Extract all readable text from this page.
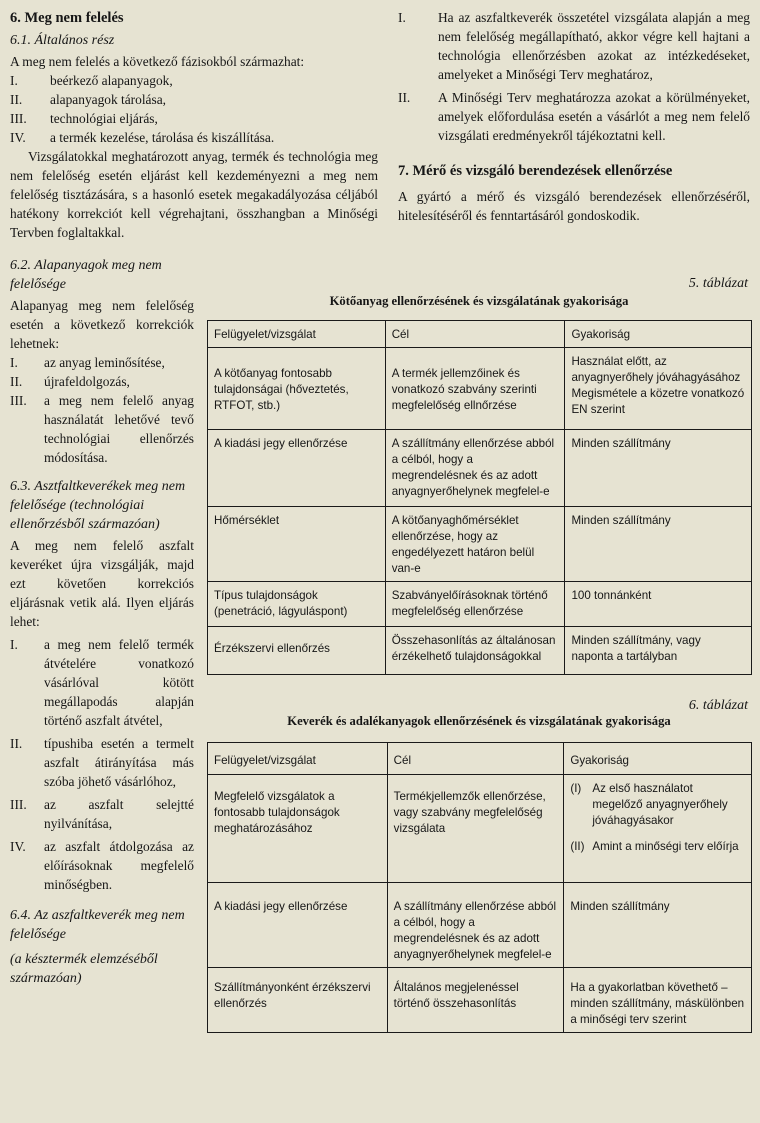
6. Meg nem felelés
6.1. Általános rész

A meg nem felelés a következő fázisokból származhat:

I.	beérkező alapanyagok,
II.	alapanyagok tárolása,
III.	technológiai eljárás,
IV.	a termék kezelése, tárolása és kiszállítása.

Vizsgálatokkal meghatározott anyag, termék és technológia meg nem felelőség esetén eljárást kell kezdeményezni a meg nem felelőség tisztázására, s a hasonló esetek megakadályozása céljából hatékony korrekciót kell végrehajtani, összhangban a Minőségi Tervben foglaltakkal.

6.2. Alapanyagok meg nem felelősége

Alapanyag meg nem felelőség esetén a következő korrekciók lehetnek:

I.	az anyag leminősítése,
II.	újrafeldolgozás,
III.	a meg nem felelő anyag használatát lehetővé tevő technológiai ellenőrzés módosítása.
6.3. Asztfaltkeverékek meg nem felelősége (technológiai ellenőrzésből származóan)

A meg nem felelő aszfalt keveréket újra vizsgálják, majd ezt követően korrekciós eljárásnak vetik alá. Ilyen eljárás lehet:

I.	a meg nem felelő termék átvételére vonatkozó vásárlóval kötött megállapodás alapján történő aszfalt átvétel,
II.	típushiba esetén a termelt aszfalt átirányítása más szóba jöhető vásárlóhoz,
III.	az aszfalt selejtté nyilvánítása,
IV.	az aszfalt átdolgozása az előírásoknak megfelelő minőségben.
6.4. Az aszfaltkeverék meg nem felelősége
(a késztermék elemzéséből származóan)
I.	Ha az aszfaltkeverék összetétel vizsgálata alapján a meg nem felelőség megállapítható, akkor végre kell hajtani a technológia ellenőrzésben azokat az intézkedéseket, amelyeket a Minőségi Terv meghatároz,
II.	A Minőségi Terv meghatározza azokat a körülményeket, amelyek előfordulása esetén a vásárlót a meg nem felelő vizsgálati eredményekről tájékoztatni kell.
7. Mérő és vizsgáló berendezések ellenőrzése

A gyártó a mérő és vizsgáló berendezések ellenőrzéséről, hitelesítéséről és fenntartásáról gondoskodik.

5. táblázat
Kötőanyag ellenőrzésének és vizsgálatának gyakorisága
Felügyelet/vizsgálat	Cél	Gyakoriság
A kötőanyag fontosabb tulajdonságai (hőveztetés, RTFOT, stb.)	A termék jellemzőinek és vonatkozó szabvány szerinti megfelelőség ellnőrzése	Használat előtt, az anyagnyerőhely jóváhagyásához Megismétele a közetre vonatkozó EN szerint
A kiadási jegy ellenőrzése	A szállítmány ellenőrzése abból a célból, hogy a megrendelésnek és az adott anyagnyerőhelynek megfelel-e	Minden szállítmány
Hőmérséklet	A kötőanyaghőmérséklet ellenőrzése, hogy az engedélyezett határon belül van-e	Minden szállítmány
Típus tulajdonságok (penetráció, lágyuláspont)	Szabványelőírásoknak történő megfelelőség ellenőrzése	100 tonnánként
Érzékszervi ellenőrzés	Összehasonlítás az általánosan érzékelhető tulajdonságokkal	Minden szállítmány, vagy naponta a tartályban
6. táblázat
Keverék és adalékanyagok ellenőrzésének és vizsgálatának gyakorisága
Felügyelet/vizsgálat	Cél	Gyakoriság
Megfelelő vizsgálatok a fontosabb tulajdonságok meghatározásához	Termékjellemzők ellenőrzése, vagy szabvány megfelelőség vizsgálata	(I) Az első használatot megelőző anyagnyerőhely jóváhagyásakor
(II) Amint a minőségi terv előírja

A kiadási jegy ellenőrzése	A szállítmány ellenőrzése abból a célból, hogy a megrendelésnek és az adott anyagnyerőhelynek megfelel-e	Minden szállítmány
Szállítmányonként érzékszervi ellenőrzés	Általános megjelenéssel történő összehasonlítás	Ha a gyakorlatban követhető – minden szállítmány, máskülönben a minőségi terv szerint
